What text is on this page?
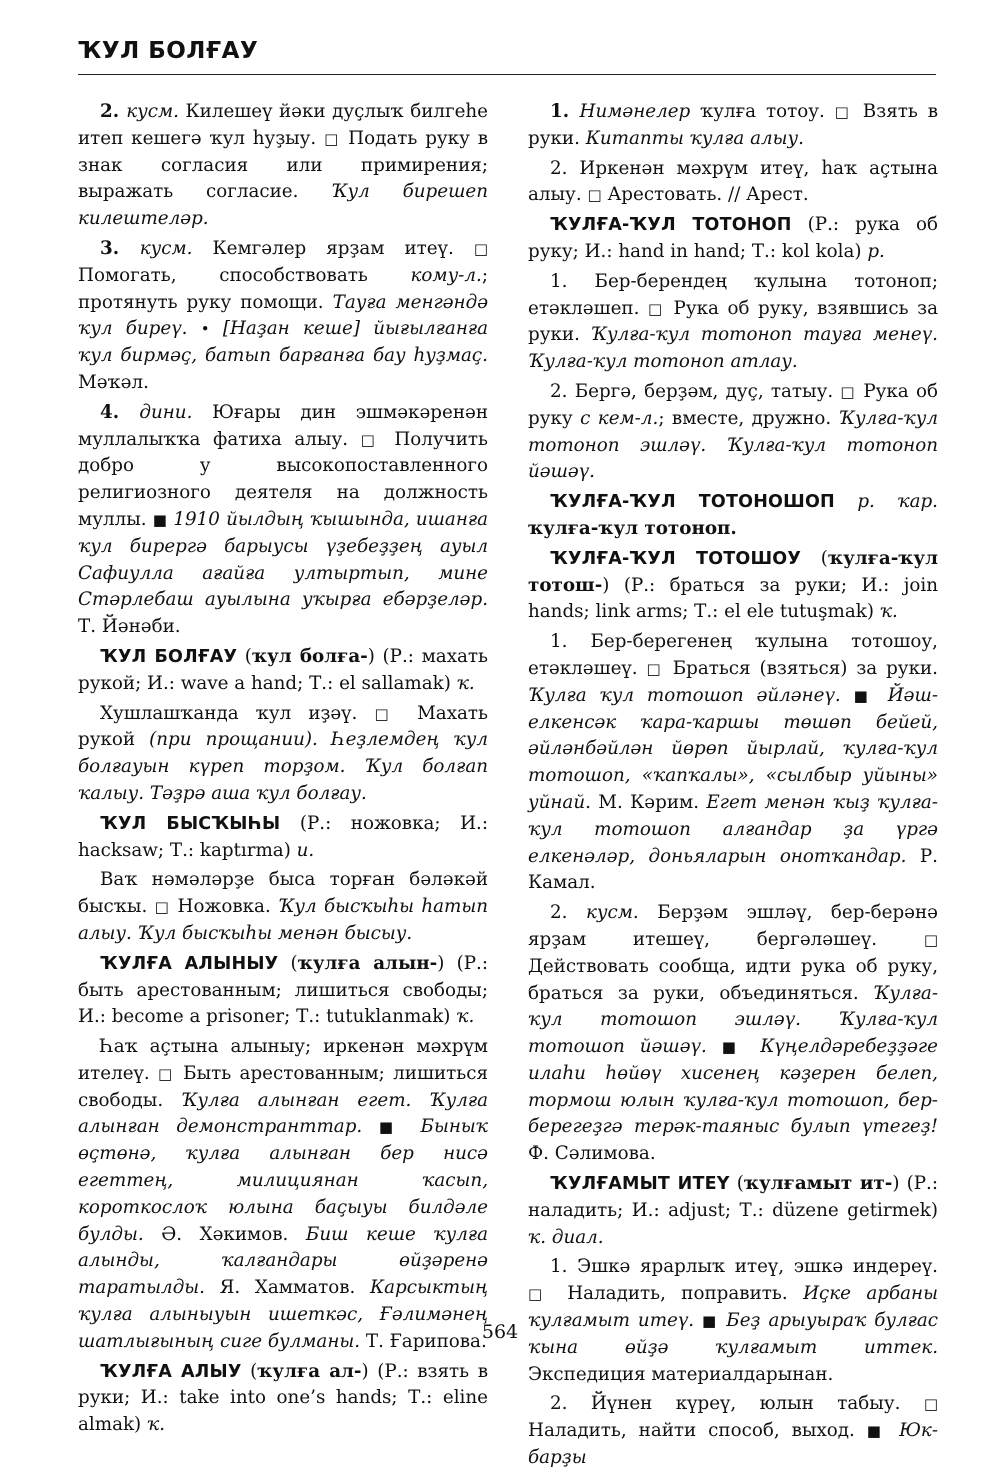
ҠУЛ БОЛҒАУ

2. кусм. Килешеү йәки дуҫлыҡ билгеһе итеп кешегә ҡул һуҙыу. □ Подать руку в знак согласия или примирения; выражать согласие. Ҡул бирешеп килештеләр.

3. кусм. Кемгәлер ярҙам итеү. □ Помогать, способствовать кому-л.; протянуть руку помощи. Тауға менгәндә ҡул биреү. • [Наҙан кеше] йығылғанға ҡул бирмәҫ, батып барғанға бау һуҙмаҫ. Мәҡәл.

4. дини. Юғары дин эшмәкәренән муллалыҡҡа фатиха алыу. □ Получить добро у высокопоставленного религиозного деятеля на должность муллы. ■ 1910 йылдың ҡышында, ишанға ҡул бирергә барыусы үҙебеҙҙең ауыл Сафиулла ағайға ултыртып, мине Стәрлебаш ауылына уҡырға ебәрҙеләр. Т. Йәнәби.

ҠУЛ БОЛҒАУ (ҡул болға-) (Р.: махать рукой; И.: wave a hand; Т.: el sallamak) ҡ.

Хушлашҡанда ҡул иҙәү. □ Махать рукой (при прощании). Һеҙлемдең ҡул болғауын күреп торҙом. Ҡул болғап ҡалыу. Тәҙрә аша ҡул болғау.

ҠУЛ БЫСҠЫҺЫ (Р.: ножовка; И.: hacksaw; Т.: kaptırma) и.

Ваҡ нәмәләрҙе быса торған бәләкәй бысҡы. □ Ножовка. Ҡул бысҡыһы һатып алыу. Ҡул бысҡыһы менән бысыу.

ҠУЛҒА АЛЫНЫУ (ҡулға алын-) (Р.: быть арестованным; лишиться свободы; И.: become a prisoner; Т.: tutuklanmak) ҡ.

Һаҡ аҫтына алыныу; иркенән мәхрүм ителеү. □ Быть арестованным; лишиться свободы. Ҡулға алынған егет. Ҡулға алынған демонстранттар. ■ Быныҡ өҫтөнә, ҡулға алынған бер нисә егеттең, милициянан ҡасып, короткослоҡ юлына баҫыуы билдәле булды. Ә. Хәкимов. Биш кеше ҡулға алынды, ҡалғандары өйҙәренә таратылды. Я. Хамматов. Карсыктың ҡулға алыныуын ишеткәс, Ғәлимәнең шатлығының сиге булманы. Т. Ғарипова.

ҠУЛҒА АЛЫУ (ҡулға ал-) (Р.: взять в руки; И.: take into one’s hands; Т.: eline almak) ҡ.

1. Нимәнелер ҡулға тотоу. □ Взять в руки. Китапты ҡулға алыу.

2. Иркенән мәхрүм итеү, һаҡ аҫтына алыу. □ Арестовать. // Арест.

ҠУЛҒА-ҠУЛ ТОТОНОП (Р.: рука об руку; И.: hand in hand; Т.: kol kola) р.

1. Бер-берендең ҡулына тотоноп; етәкләшеп. □ Рука об руку, взявшись за руки. Ҡулға-ҡул тотоноп тауға менеү. Ҡулға-ҡул тотоноп атлау.

2. Бергә, берҙәм, дуҫ, татыу. □ Рука об руку с кем-л.; вместе, дружно. Ҡулға-ҡул тотоноп эшләү. Ҡулға-ҡул тотоноп йәшәү.

ҠУЛҒА-ҠУЛ ТОТОНОШОП р. ҡар. ҡулға-ҡул тотоноп.

ҠУЛҒА-ҠУЛ ТОТОШОУ (ҡулға-ҡул тотош-) (Р.: браться за руки; И.: join hands; link arms; Т.: el ele tutuşmak) ҡ.

1. Бер-берегенең ҡулына тотошоу, етәкләшеү. □ Браться (взяться) за руки. Ҡулға ҡул тотошоп әйләнеү. ■ Йәш-елкенсәк ҡара-ҡаршы төшөп бейей, әйләнбәйлән йөрөп йырлай, ҡулға-ҡул тотошоп, «ҡапҡалы», «сылбыр уйыны» уйнай. М. Кәрим. Егет менән ҡыҙ ҡулға-ҡул тотошоп алғандар ҙа үргә елкенәләр, доньяларын онотҡандар. Р. Камал.

2. кусм. Берҙәм эшләү, бер-берәнә ярҙам итешеү, бергәләшеү. □ Действовать сообща, идти рука об руку, браться за руки, объединяться. Ҡулға-ҡул тотошоп эшләү. Ҡулға-ҡул тотошоп йәшәү. ■ Күңелдәребеҙҙәге илаһи һөйөү хисенең кәҙерен белеп, тормош юлын ҡулға-ҡул тотошоп, бер-берегеҙгә терәк-таяныс булып үтегеҙ! Ф. Сәлимова.

ҠУЛҒАМЫТ ИТЕҮ (ҡулғамыт ит-) (Р.: наладить; И.: adjust; Т.: düzene getirmek) ҡ. диал.

1. Эшкә ярарлыҡ итеү, эшкә индереү. □ Наладить, поправить. Иҫке арбаны ҡулғамыт итеү. ■ Беҙ арыуыраҡ булғас ҡына өйҙә ҡулғамыт иттек. Экспедиция материалдарынан.

2. Йүнен күреү, юлын табыу. □ Наладить, найти способ, выход. ■ Юк-барҙы

564
